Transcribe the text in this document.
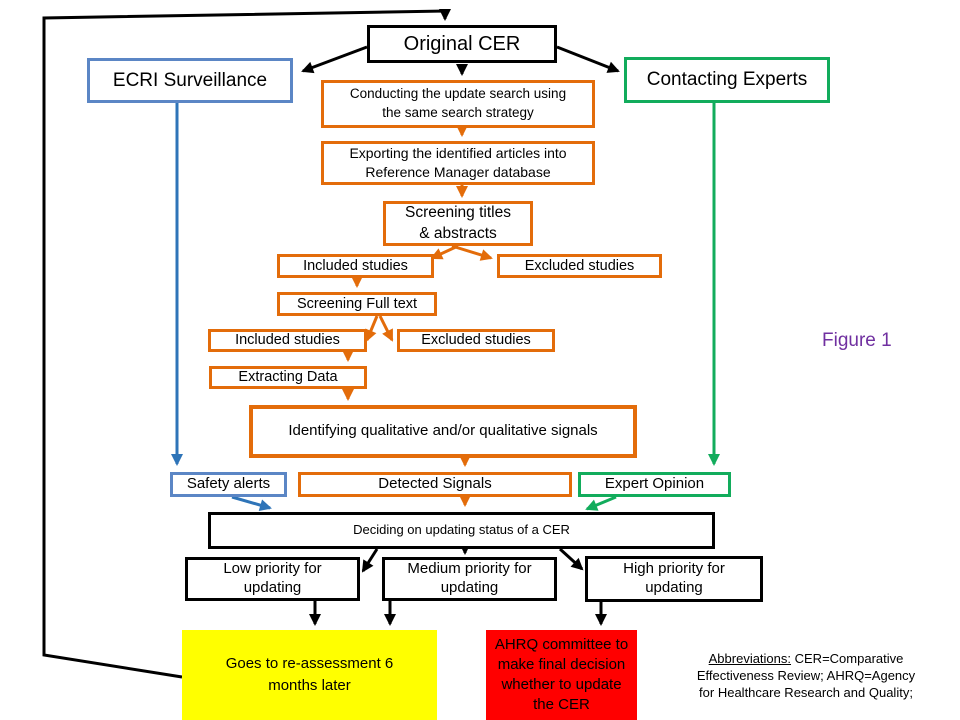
Original CER
ECRI Surveillance	Contacting Experts
Conducting the update search using
the same search strategy
Exporting the identified articles into
Reference Manager database
Screening titles
& abstracts
Included studies	Excluded studies
Screening Full text
Included studies	Excluded studies
Extracting Data
Identifying qualitative and/or qualitative signals
Safety alerts	Detected Signals	Expert Opinion
Deciding on updating status of a CER
Low priority for
updating
Medium priority for
updating
High priority for
updating
Goes to re-assessment 6
months later
AHRQ committee to
make final decision
whether to update
the CER
Figure 1
Abbreviations: CER=Comparative
Effectiveness Review; AHRQ=Agency
for Healthcare Research and Quality;
